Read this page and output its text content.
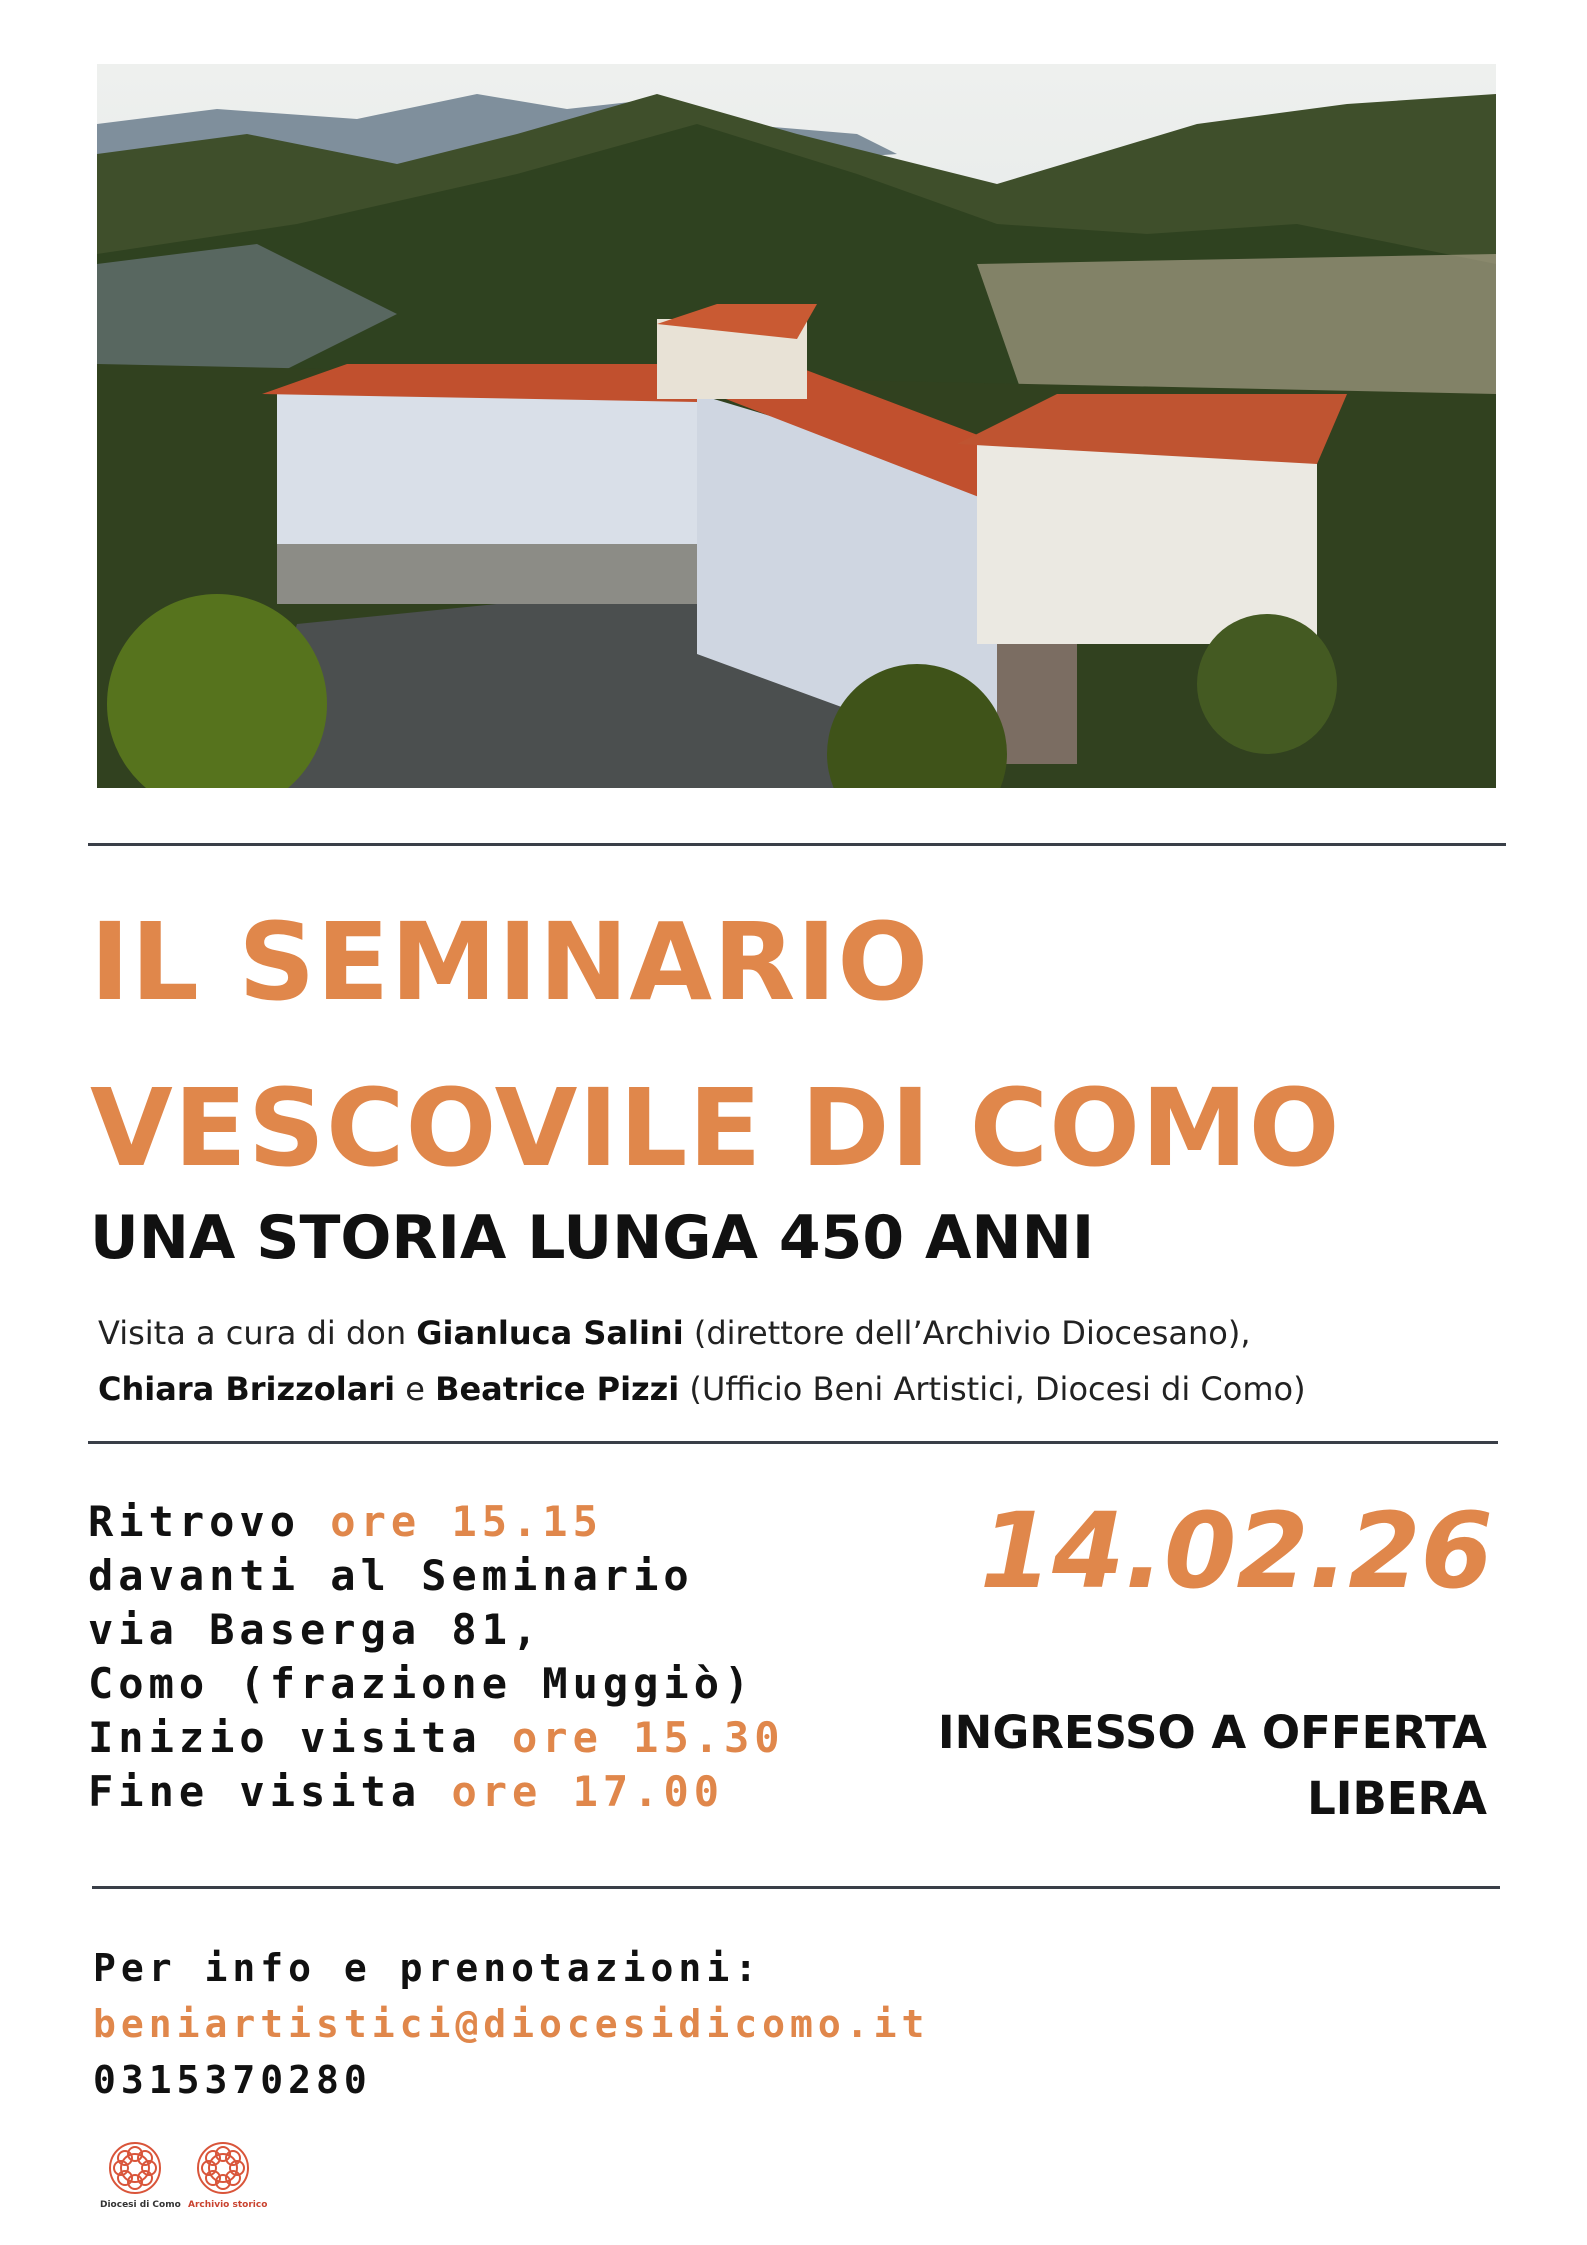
IL SEMINARIO
VESCOVILE DI COMO
UNA STORIA LUNGA 450 ANNI
Visita a cura di don Gianluca Salini (direttore dell’Archivio Diocesano),
Chiara Brizzolari e Beatrice Pizzi (Ufficio Beni Artistici, Diocesi di Como)
Ritrovo ore 15.15
davanti al Seminario
via Baserga 81,
Como (frazione Muggiò)
Inizio visita ore 15.30
Fine visita ore 17.00
14.02.26
INGRESSO A OFFERTA
LIBERA
Per info e prenotazioni:
beniartistici@diocesidicomo.it
0315370280
Diocesi di Como Archivio storico
